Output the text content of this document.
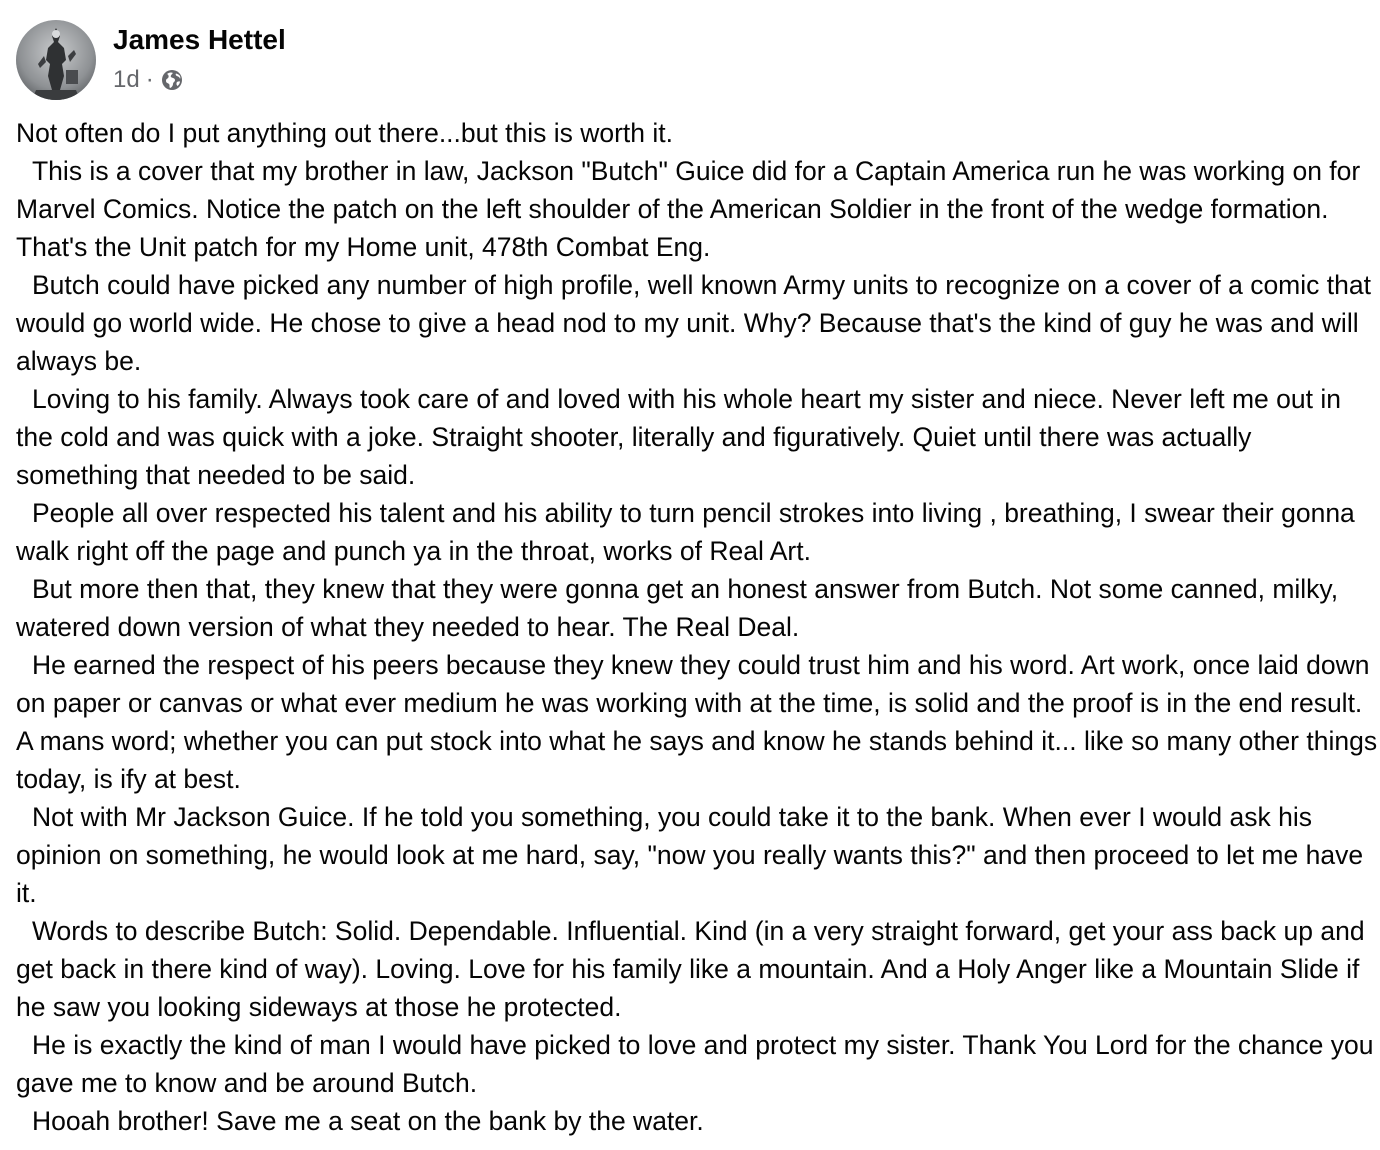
James Hettel
1d ·

Not often do I put anything out there...but this is worth it.

This is a cover that my brother in law, Jackson "Butch" Guice did for a Captain America run he was working on for Marvel Comics. Notice the patch on the left shoulder of the American Soldier in the front of the wedge formation. That's the Unit patch for my Home unit, 478th Combat Eng.

Butch could have picked any number of high profile, well known Army units to recognize on a cover of a comic that would go world wide. He chose to give a head nod to my unit. Why? Because that's the kind of guy he was and will always be.

Loving to his family. Always took care of and loved with his whole heart my sister and niece. Never left me out in the cold and was quick with a joke. Straight shooter, literally and figuratively. Quiet until there was actually something that needed to be said.

People all over respected his talent and his ability to turn pencil strokes into living , breathing, I swear their gonna walk right off the page and punch ya in the throat, works of Real Art.

But more then that, they knew that they were gonna get an honest answer from Butch. Not some canned, milky, watered down version of what they needed to hear. The Real Deal.

He earned the respect of his peers because they knew they could trust him and his word. Art work, once laid down on paper or canvas or what ever medium he was working with at the time, is solid and the proof is in the end result. A mans word; whether you can put stock into what he says and know he stands behind it... like so many other things today, is ify at best.

Not with Mr Jackson Guice. If he told you something, you could take it to the bank. When ever I would ask his opinion on something, he would look at me hard, say, "now you really wants this?" and then proceed to let me have it.

Words to describe Butch: Solid. Dependable. Influential. Kind (in a very straight forward, get your ass back up and get back in there kind of way). Loving. Love for his family like a mountain. And a Holy Anger like a Mountain Slide if he saw you looking sideways at those he protected.

He is exactly the kind of man I would have picked to love and protect my sister. Thank You Lord for the chance you gave me to know and be around Butch.

Hooah brother! Save me a seat on the bank by the water.
